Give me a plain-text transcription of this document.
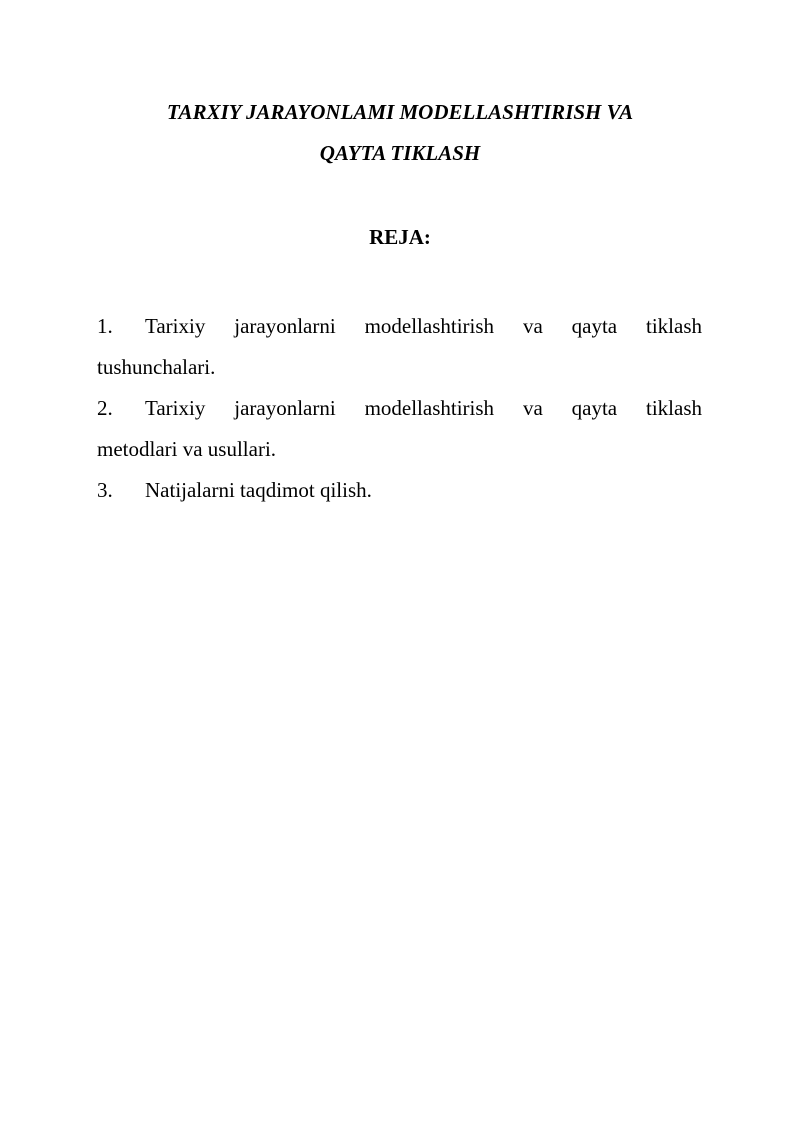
TARXIY JARAYONLAMI MODELLASHTIRISH VA
QAYTA TIKLASH
REJA:
1.	Tarixiy jarayonlarni modellashtirish va qayta tiklash
tushunchalari.
2.	Tarixiy jarayonlarni modellashtirish va qayta tiklash
metodlari va usullari.
3.	Natijalarni taqdimot qilish.
